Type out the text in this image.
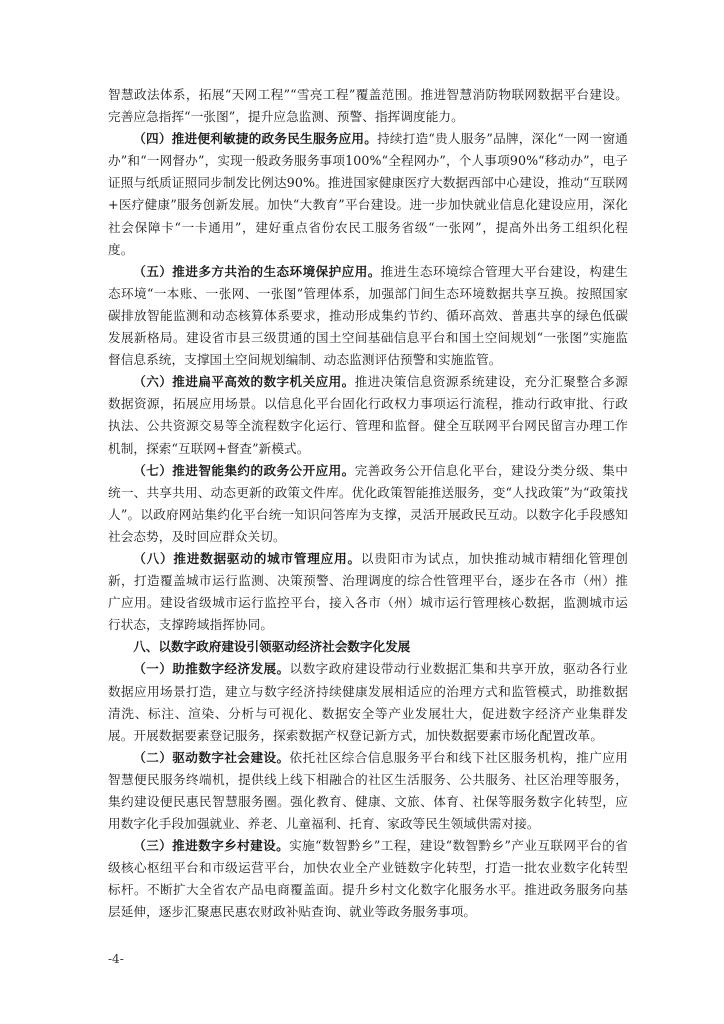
智慧政法体系，拓展“天网工程”“雪亮工程”覆盖范围。推进智慧消防物联网数据平台建设。完善应急指挥“一张图”，提升应急监测、预警、指挥调度能力。

（四）推进便利敏捷的政务民生服务应用。持续打造“贵人服务”品牌，深化“一网一窗通办”和“一网督办”，实现一般政务服务事项100%“全程网办”，个人事项90%“移动办”，电子证照与纸质证照同步制发比例达90%。推进国家健康医疗大数据西部中心建设，推动“互联网+医疗健康”服务创新发展。加快“大教育”平台建设。进一步加快就业信息化建设应用，深化社会保障卡“一卡通用”，建好重点省份农民工服务省级“一张网”，提高外出务工组织化程度。

（五）推进多方共治的生态环境保护应用。推进生态环境综合管理大平台建设，构建生态环境“一本账、一张网、一张图”管理体系，加强部门间生态环境数据共享互换。按照国家碳排放智能监测和动态核算体系要求，推动形成集约节约、循环高效、普惠共享的绿色低碳发展新格局。建设省市县三级贯通的国土空间基础信息平台和国土空间规划“一张图”实施监督信息系统，支撑国土空间规划编制、动态监测评估预警和实施监管。

（六）推进扁平高效的数字机关应用。推进决策信息资源系统建设，充分汇聚整合多源数据资源，拓展应用场景。以信息化平台固化行政权力事项运行流程，推动行政审批、行政执法、公共资源交易等全流程数字化运行、管理和监督。健全互联网平台网民留言办理工作机制，探索“互联网+督查”新模式。

（七）推进智能集约的政务公开应用。完善政务公开信息化平台，建设分类分级、集中统一、共享共用、动态更新的政策文件库。优化政策智能推送服务，变“人找政策”为“政策找人”。以政府网站集约化平台统一知识问答库为支撑，灵活开展政民互动。以数字化手段感知社会态势，及时回应群众关切。

（八）推进数据驱动的城市管理应用。以贵阳市为试点，加快推动城市精细化管理创新，打造覆盖城市运行监测、决策预警、治理调度的综合性管理平台，逐步在各市（州）推广应用。建设省级城市运行监控平台，接入各市（州）城市运行管理核心数据，监测城市运行状态，支撑跨域指挥协同。

八、以数字政府建设引领驱动经济社会数字化发展

（一）助推数字经济发展。以数字政府建设带动行业数据汇集和共享开放，驱动各行业数据应用场景打造，建立与数字经济持续健康发展相适应的治理方式和监管模式，助推数据清洗、标注、渲染、分析与可视化、数据安全等产业发展壮大，促进数字经济产业集群发展。开展数据要素登记服务，探索数据产权登记新方式，加快数据要素市场化配置改革。

（二）驱动数字社会建设。依托社区综合信息服务平台和线下社区服务机构，推广应用智慧便民服务终端机，提供线上线下相融合的社区生活服务、公共服务、社区治理等服务，集约建设便民惠民智慧服务圈。强化教育、健康、文旅、体育、社保等服务数字化转型，应用数字化手段加强就业、养老、儿童福利、托育、家政等民生领域供需对接。

（三）推进数字乡村建设。实施“数智黔乡”工程，建设“数智黔乡”产业互联网平台的省级核心枢纽平台和市级运营平台，加快农业全产业链数字化转型，打造一批农业数字化转型标杆。不断扩大全省农产品电商覆盖面。提升乡村文化数字化服务水平。推进政务服务向基层延伸，逐步汇聚惠民惠农财政补贴查询、就业等政务服务事项。

-4-
